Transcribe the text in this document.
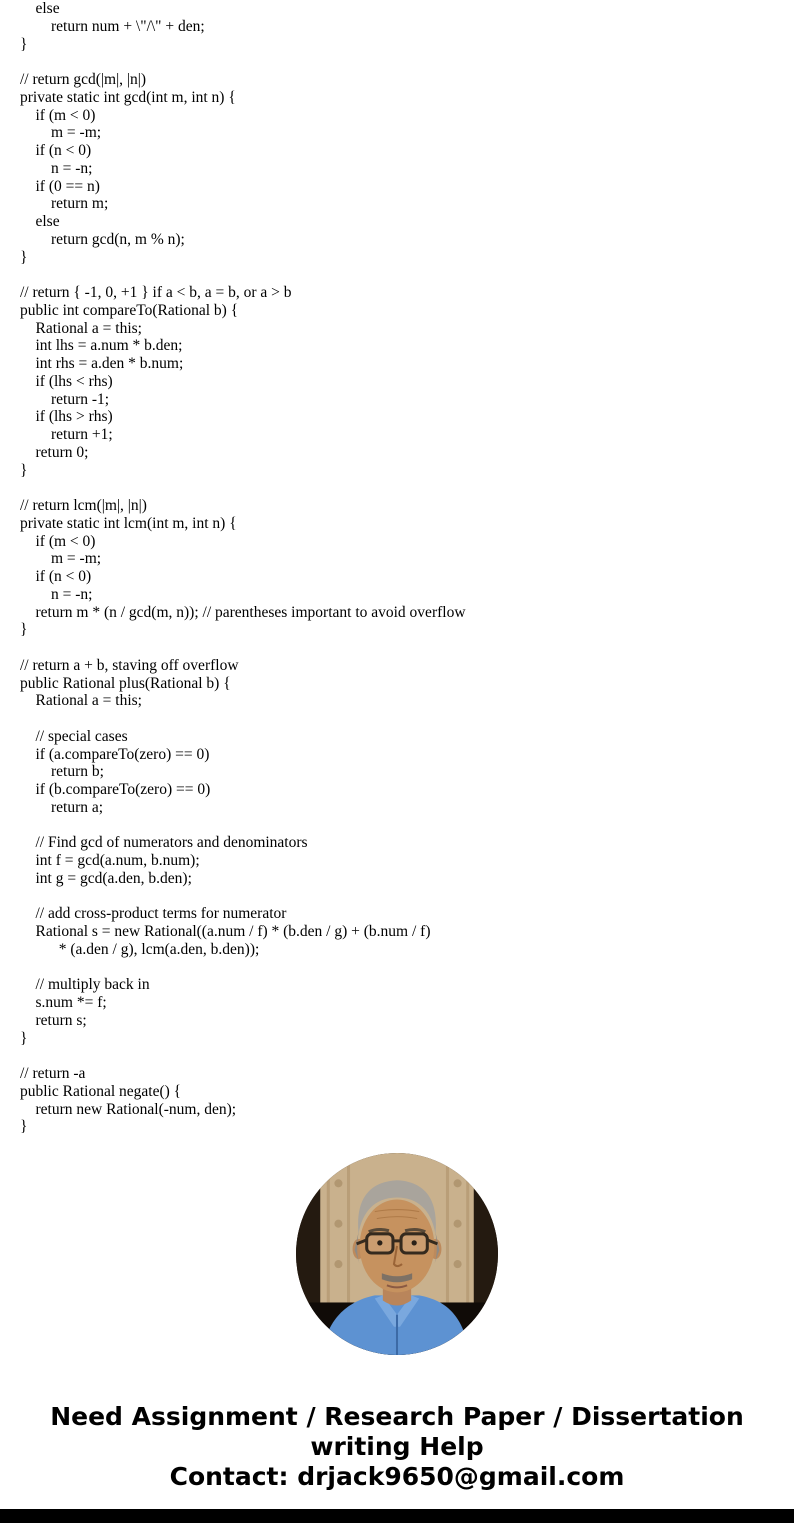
else
return num + \"/\" + den;
}

// return gcd(|m|, |n|)
private static int gcd(int m, int n) {
if (m < 0)
m = -m;
if (n < 0)
n = -n;
if (0 == n)
return m;
else
return gcd(n, m % n);
}

// return { -1, 0, +1 } if a < b, a = b, or a > b
public int compareTo(Rational b) {
Rational a = this;
int lhs = a.num * b.den;
int rhs = a.den * b.num;
if (lhs < rhs)
return -1;
if (lhs > rhs)
return +1;
return 0;
}

// return lcm(|m|, |n|)
private static int lcm(int m, int n) {
if (m < 0)
m = -m;
if (n < 0)
n = -n;
return m * (n / gcd(m, n)); // parentheses important to avoid overflow
}

// return a + b, staving off overflow
public Rational plus(Rational b) {
Rational a = this;

// special cases
if (a.compareTo(zero) == 0)
return b;
if (b.compareTo(zero) == 0)
return a;

// Find gcd of numerators and denominators
int f = gcd(a.num, b.num);
int g = gcd(a.den, b.den);

// add cross-product terms for numerator
Rational s = new Rational((a.num / f) * (b.den / g) + (b.num / f)
* (a.den / g), lcm(a.den, b.den));

// multiply back in
s.num *= f;
return s;
}

// return -a
public Rational negate() {
return new Rational(-num, den);
}
Need Assignment / Research Paper / Dissertation
writing Help
Contact: drjack9650@gmail.com
